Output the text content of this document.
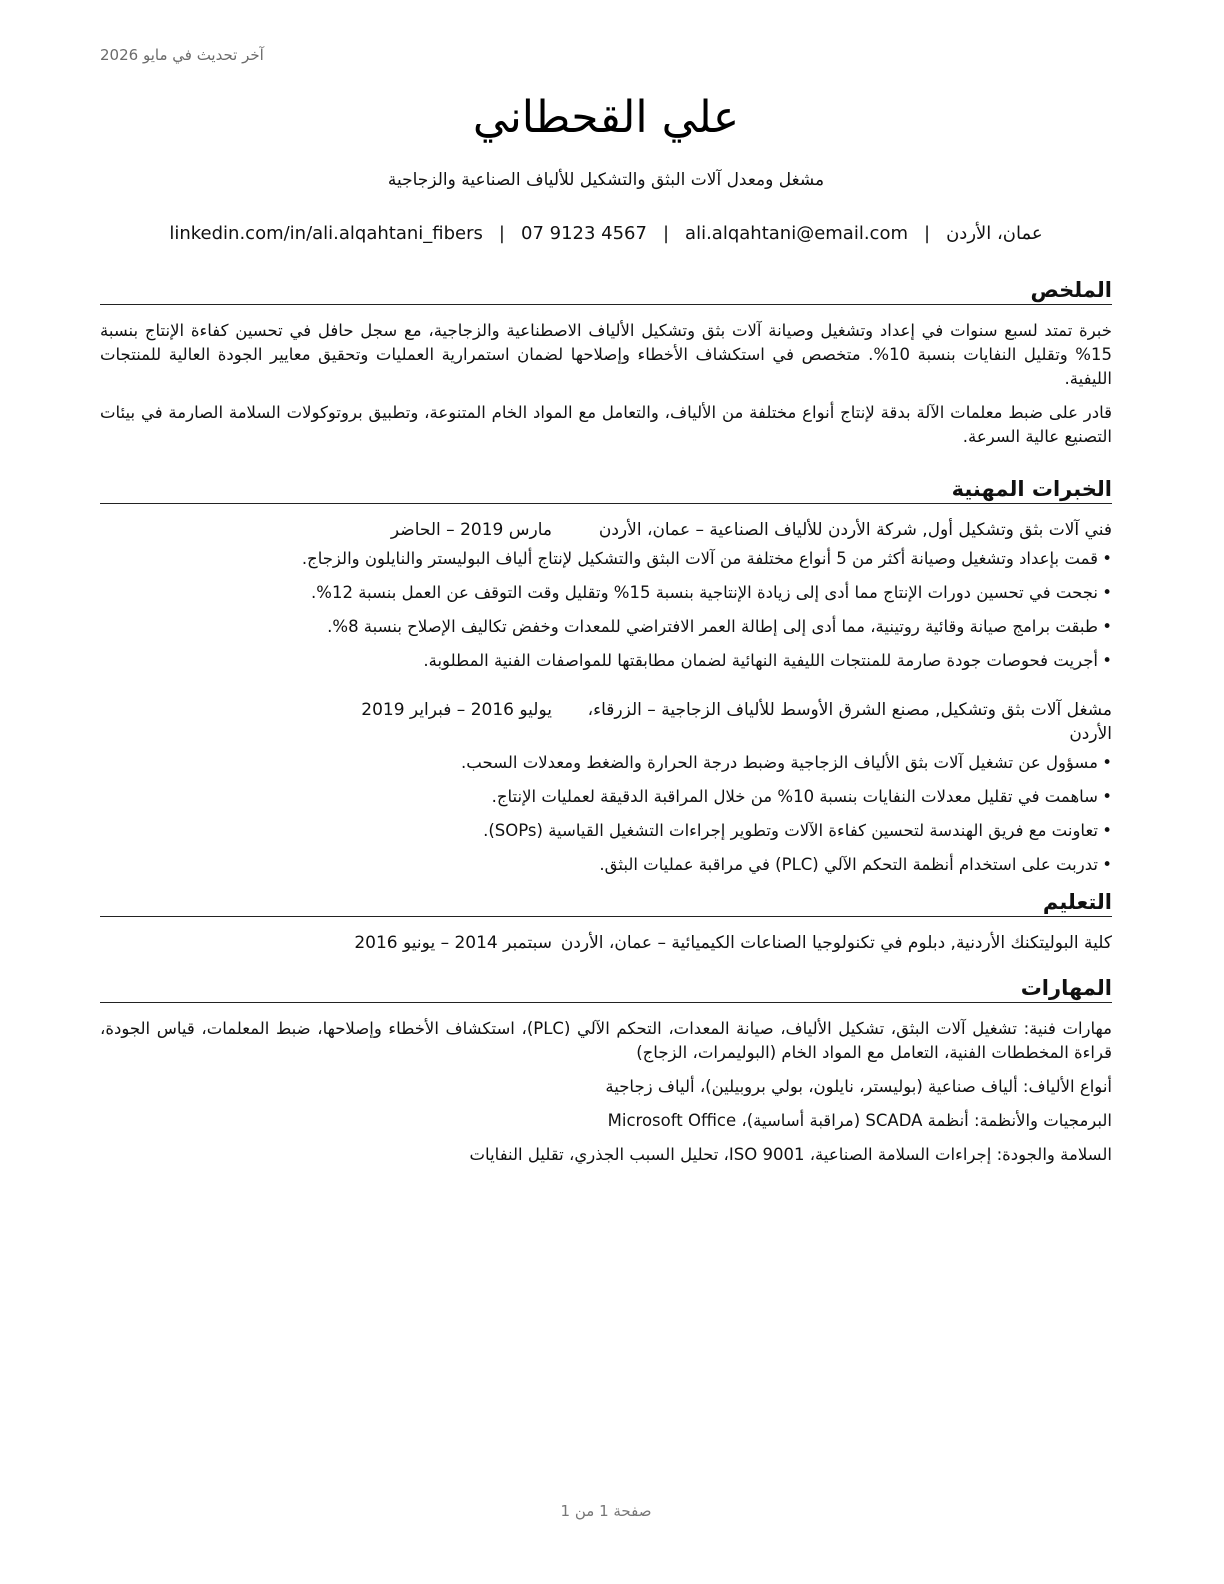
آخر تحديث في مايو 2026
علي القحطاني

مشغل ومعدل آلات البثق والتشكيل للألياف الصناعية والزجاجية

عمان، الأردن|ali.alqahtani@email.com|07 9123 4567|linkedin.com/in/ali.alqahtani_fibers
الملخص

خبرة تمتد لسبع سنوات في إعداد وتشغيل وصيانة آلات بثق وتشكيل الألياف الاصطناعية والزجاجية، مع سجل حافل في تحسين كفاءة الإنتاج بنسبة 15% وتقليل النفايات بنسبة 10%. متخصص في استكشاف الأخطاء وإصلاحها لضمان استمرارية العمليات وتحقيق معايير الجودة العالية للمنتجات الليفية.

قادر على ضبط معلمات الآلة بدقة لإنتاج أنواع مختلفة من الألياف، والتعامل مع المواد الخام المتنوعة، وتطبيق بروتوكولات السلامة الصارمة في بيئات التصنيع عالية السرعة.

الخبرات المهنية
فني آلات بثق وتشكيل أول, شركة الأردن للألياف الصناعية – عمان، الأردن
مارس 2019 – الحاضر
• قمت بإعداد وتشغيل وصيانة أكثر من 5 أنواع مختلفة من آلات البثق والتشكيل لإنتاج ألياف البوليستر والنايلون والزجاج.
• نجحت في تحسين دورات الإنتاج مما أدى إلى زيادة الإنتاجية بنسبة 15% وتقليل وقت التوقف عن العمل بنسبة 12%.
• طبقت برامج صيانة وقائية روتينية، مما أدى إلى إطالة العمر الافتراضي للمعدات وخفض تكاليف الإصلاح بنسبة 8%.
• أجريت فحوصات جودة صارمة للمنتجات الليفية النهائية لضمان مطابقتها للمواصفات الفنية المطلوبة.
مشغل آلات بثق وتشكيل, مصنع الشرق الأوسط للألياف الزجاجية – الزرقاء، الأردن
يوليو 2016 – فبراير 2019
• مسؤول عن تشغيل آلات بثق الألياف الزجاجية وضبط درجة الحرارة والضغط ومعدلات السحب.
• ساهمت في تقليل معدلات النفايات بنسبة 10% من خلال المراقبة الدقيقة لعمليات الإنتاج.
• تعاونت مع فريق الهندسة لتحسين كفاءة الآلات وتطوير إجراءات التشغيل القياسية (SOPs).
• تدربت على استخدام أنظمة التحكم الآلي (PLC) في مراقبة عمليات البثق.
التعليم
كلية البوليتكنك الأردنية, دبلوم في تكنولوجيا الصناعات الكيميائية – عمان، الأردن
سبتمبر 2014 – يونيو 2016
المهارات

مهارات فنية: تشغيل آلات البثق، تشكيل الألياف، صيانة المعدات، التحكم الآلي (PLC)، استكشاف الأخطاء وإصلاحها، ضبط المعلمات، قياس الجودة، قراءة المخططات الفنية، التعامل مع المواد الخام (البوليمرات، الزجاج)

أنواع الألياف: ألياف صناعية (بوليستر، نايلون، بولي بروبيلين)، ألياف زجاجية

البرمجيات والأنظمة: أنظمة SCADA (مراقبة أساسية)، Microsoft Office

السلامة والجودة: إجراءات السلامة الصناعية، ISO 9001، تحليل السبب الجذري، تقليل النفايات

صفحة 1 من 1
